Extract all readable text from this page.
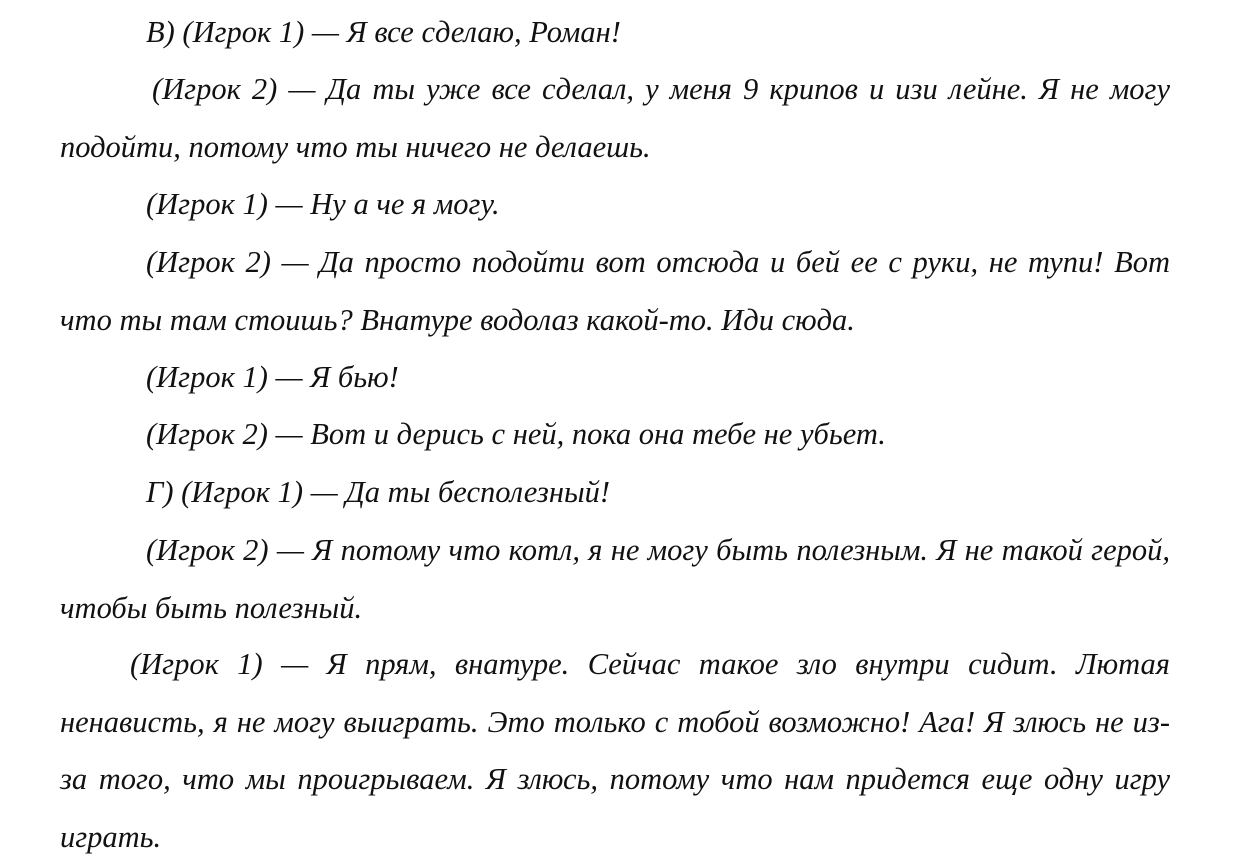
В) (Игрок 1) — Я все сделаю, Роман!

(Игрок 2) — Да ты уже все сделал, у меня 9 крипов и изи лейне. Я не могу подойти, потому что ты ничего не делаешь.

(Игрок 1) — Ну а че я могу.

(Игрок 2) — Да просто подойти вот отсюда и бей ее с руки, не тупи! Вот что ты там стоишь? Внатуре водолаз какой-то. Иди сюда.

(Игрок 1) — Я бью!

(Игрок 2) — Вот и дерись с ней, пока она тебе не убьет.

Г) (Игрок 1) — Да ты бесполезный!

(Игрок 2) — Я потому что котл, я не могу быть полезным. Я не такой герой, чтобы быть полезный.

(Игрок 1) — Я прям, внатуре. Сейчас такое зло внутри сидит. Лютая ненависть, я не могу выиграть. Это только с тобой возможно! Ага! Я злюсь не из-за того, что мы проигрываем. Я злюсь, потому что нам придется еще одну игру играть.
